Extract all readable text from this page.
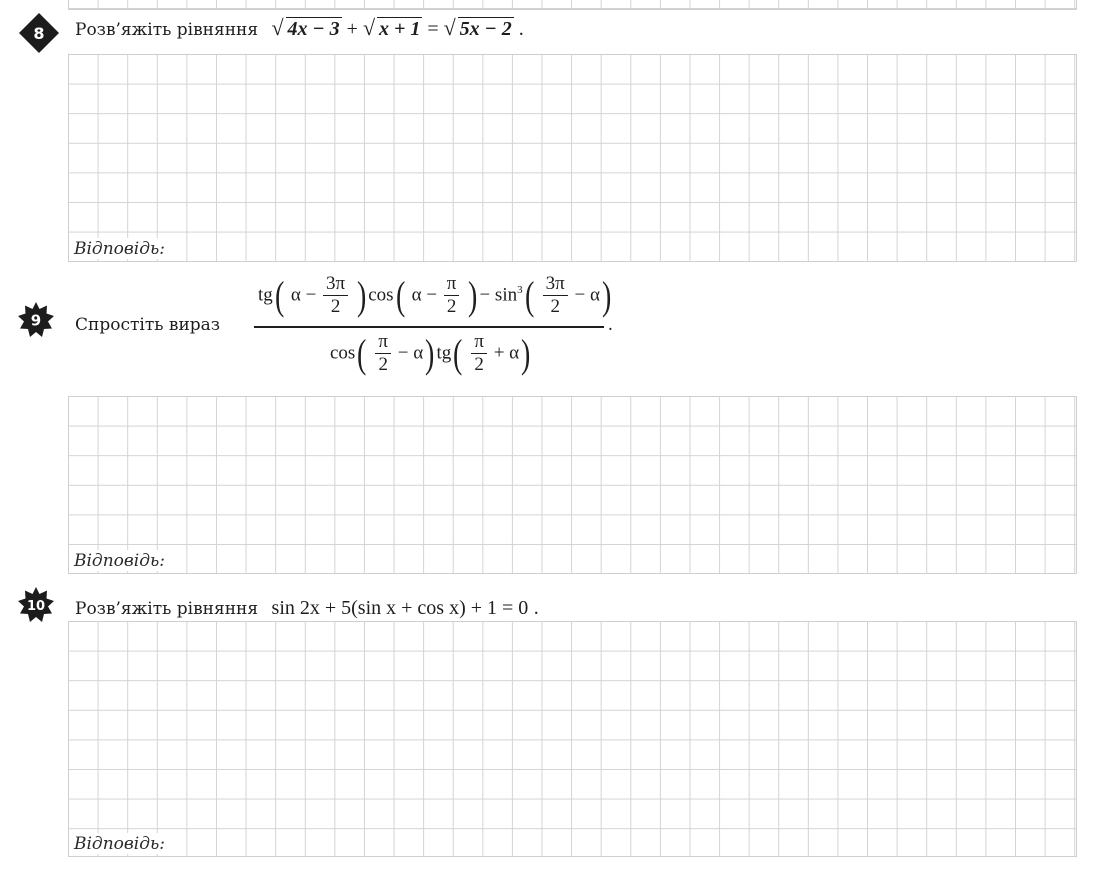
8 Розв’яжіть рівняння √ 4x − 3 + √ x + 1 = √ 5x − 2 .
Відповідь:
9 Спростіть вираз
tg( $\alpha - \frac{3\pi}{2}$ ) cos( $\alpha - \frac{\pi}{2}$ ) − $\sin^3( \frac{3\pi}{2} - \alpha)$
.
$\cos( \frac{\pi}{2} - \alpha)$ $tg( \frac{\pi}{2} + \alpha)$
Відповідь:
10 Розв’яжіть рівняння sin 2x + 5(sin x + cos x) + 1 = 0 .
Відповідь:
